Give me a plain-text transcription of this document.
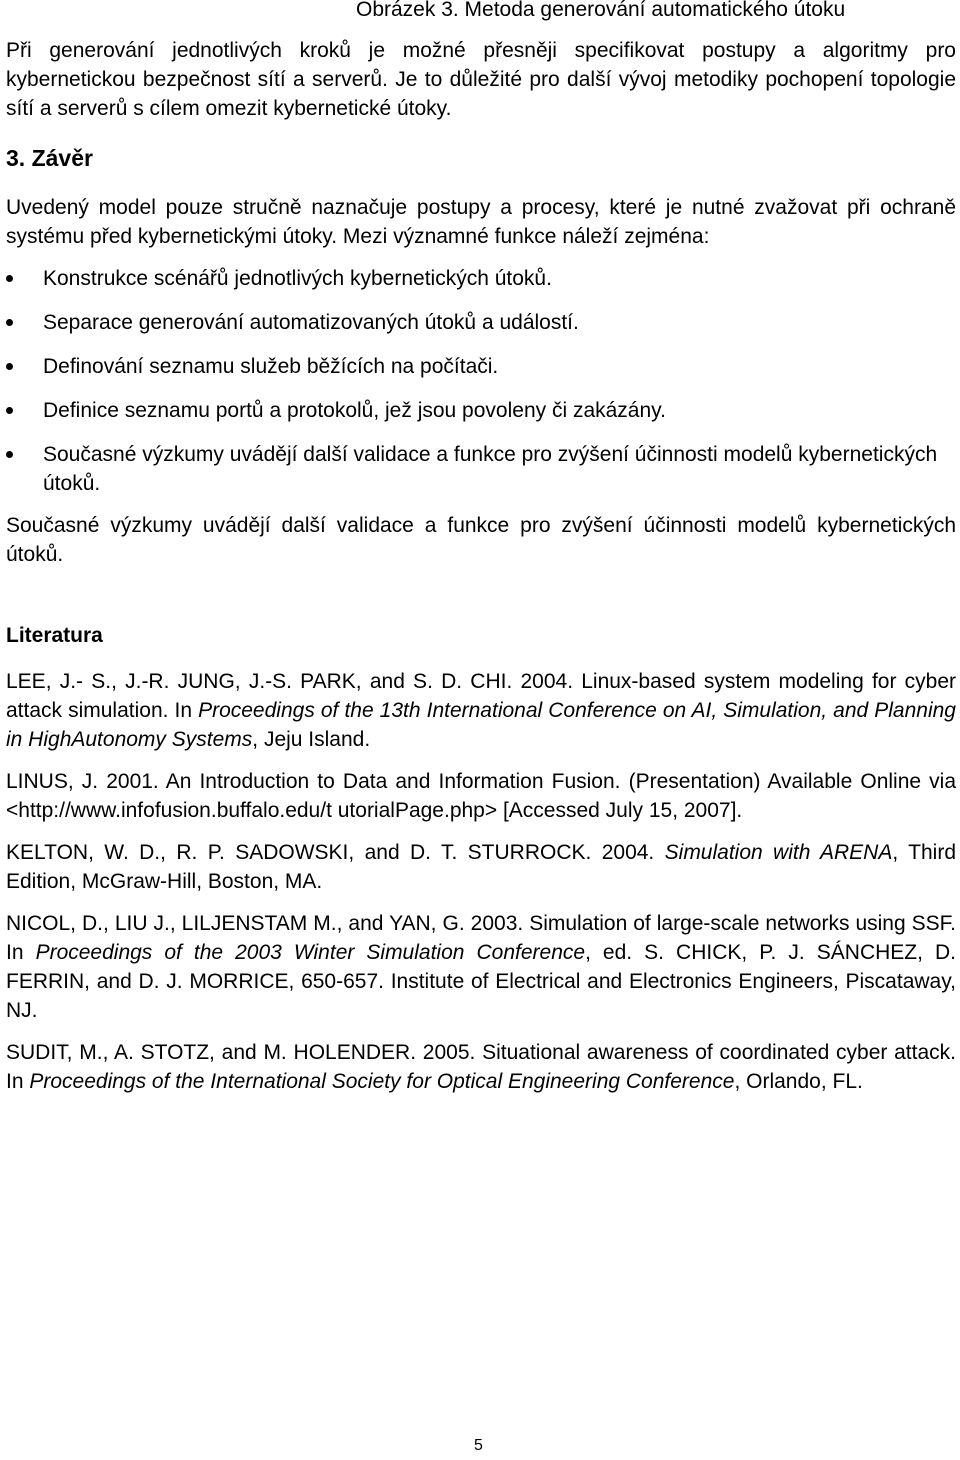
Obrázek 3. Metoda generování automatického útoku

Při generování jednotlivých kroků je možné přesněji specifikovat postupy a algoritmy pro kybernetickou bezpečnost sítí a serverů. Je to důležité pro další vývoj metodiky pochopení topologie sítí a serverů s cílem omezit kybernetické útoky.

3. Závěr

Uvedený model pouze stručně naznačuje postupy a procesy, které je nutné zvažovat při ochraně systému před kybernetickými útoky. Mezi významné funkce náleží zejména:

Konstrukce scénářů jednotlivých kybernetických útoků.
Separace generování automatizovaných útoků a událostí.
Definování seznamu služeb běžících na počítači.
Definice seznamu portů a protokolů, jež jsou povoleny či zakázány.
Současné výzkumy uvádějí další validace a funkce pro zvýšení účinnosti modelů kybernetických útoků.

Současné výzkumy uvádějí další validace a funkce pro zvýšení účinnosti modelů kybernetických útoků.

Literatura

LEE, J.- S., J.-R. JUNG, J.-S. PARK, and S. D. CHI. 2004. Linux-based system modeling for cyber attack simulation. In Proceedings of the 13th International Conference on AI, Simulation, and Planning in HighAutonomy Systems, Jeju Island.

LINUS, J. 2001. An Introduction to Data and Information Fusion. (Presentation) Available Online via <http://www.infofusion.buffalo.edu/t utorialPage.php> [Accessed July 15, 2007].

KELTON, W. D., R. P. SADOWSKI, and D. T. STURROCK. 2004. Simulation with ARENA, Third Edition, McGraw-Hill, Boston, MA.

NICOL, D., LIU J., LILJENSTAM M., and YAN, G. 2003. Simulation of large-scale networks using SSF. In Proceedings of the 2003 Winter Simulation Conference, ed. S. CHICK, P. J. SÁNCHEZ, D. FERRIN, and D. J. MORRICE, 650-657. Institute of Electrical and Electronics Engineers, Piscataway, NJ.

SUDIT, M., A. STOTZ, and M. HOLENDER. 2005. Situational awareness of coordinated cyber attack. In Proceedings of the International Society for Optical Engineering Conference, Orlando, FL.

5
